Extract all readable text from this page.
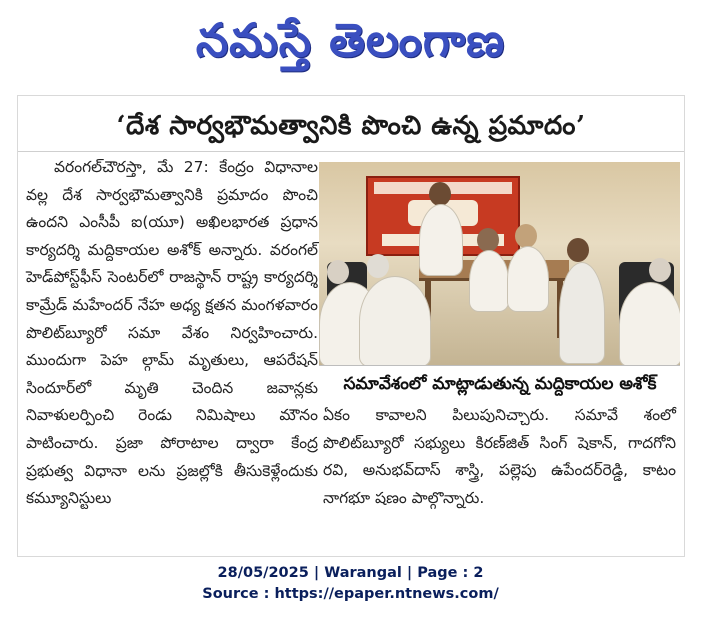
నమస్తే తెలంగాణ
‘దేశ సార్వభౌమత్వానికి పొంచి ఉన్న ప్రమాదం’

వరంగల్‌చౌరస్తా, మే 27: కేంద్రం విధానాల వల్ల దేశ సార్వభౌమత్వానికి ప్రమాదం పొంచి ఉందని ఎంసీపీ ఐ(యూ) అఖిలభారత ప్రధాన కార్యదర్శి మద్దికాయల అశోక్ అన్నారు. వరంగల్ హెడ్‌పోస్ట్‌ఫీస్ సెంటర్‌లో రాజస్థాన్ రాష్ట్ర కార్యదర్శి కామ్రేడ్ మహేందర్ నేహ అధ్య క్షతన మంగళవారం పొలిట్‌బ్యూరో సమా వేశం నిర్వహించారు. ముందుగా పెహ ల్గామ్ మృతులు, ఆపరేషన్ సిందూర్‌లో మృతి చెందిన జవాన్లకు నివాళులర్పించి రెండు నిమిషాలు మౌనం పాటించారు. ప్రజా పోరాటాల ద్వారా కేంద్ర ప్రభుత్వ విధానా లను ప్రజల్లోకి తీసుకెళ్లేందుకు కమ్యూనిస్టులు

సమావేశంలో మాట్లాడుతున్న మద్దికాయల అశోక్

ఏకం కావాలని పిలుపునిచ్చారు. సమావే శంలో పొలిట్‌బ్యూరో సభ్యులు కిరణ్‌జిత్ సింగ్ షెకాన్, గాదగోని రవి, అనుభవ్‌దాస్ శాస్త్రి, పల్లెపు ఉపేందర్‌రెడ్డి, కాటం నాగభూ షణం పాల్గొన్నారు.

28/05/2025 | Warangal | Page : 2
Source : https://epaper.ntnews.com/
